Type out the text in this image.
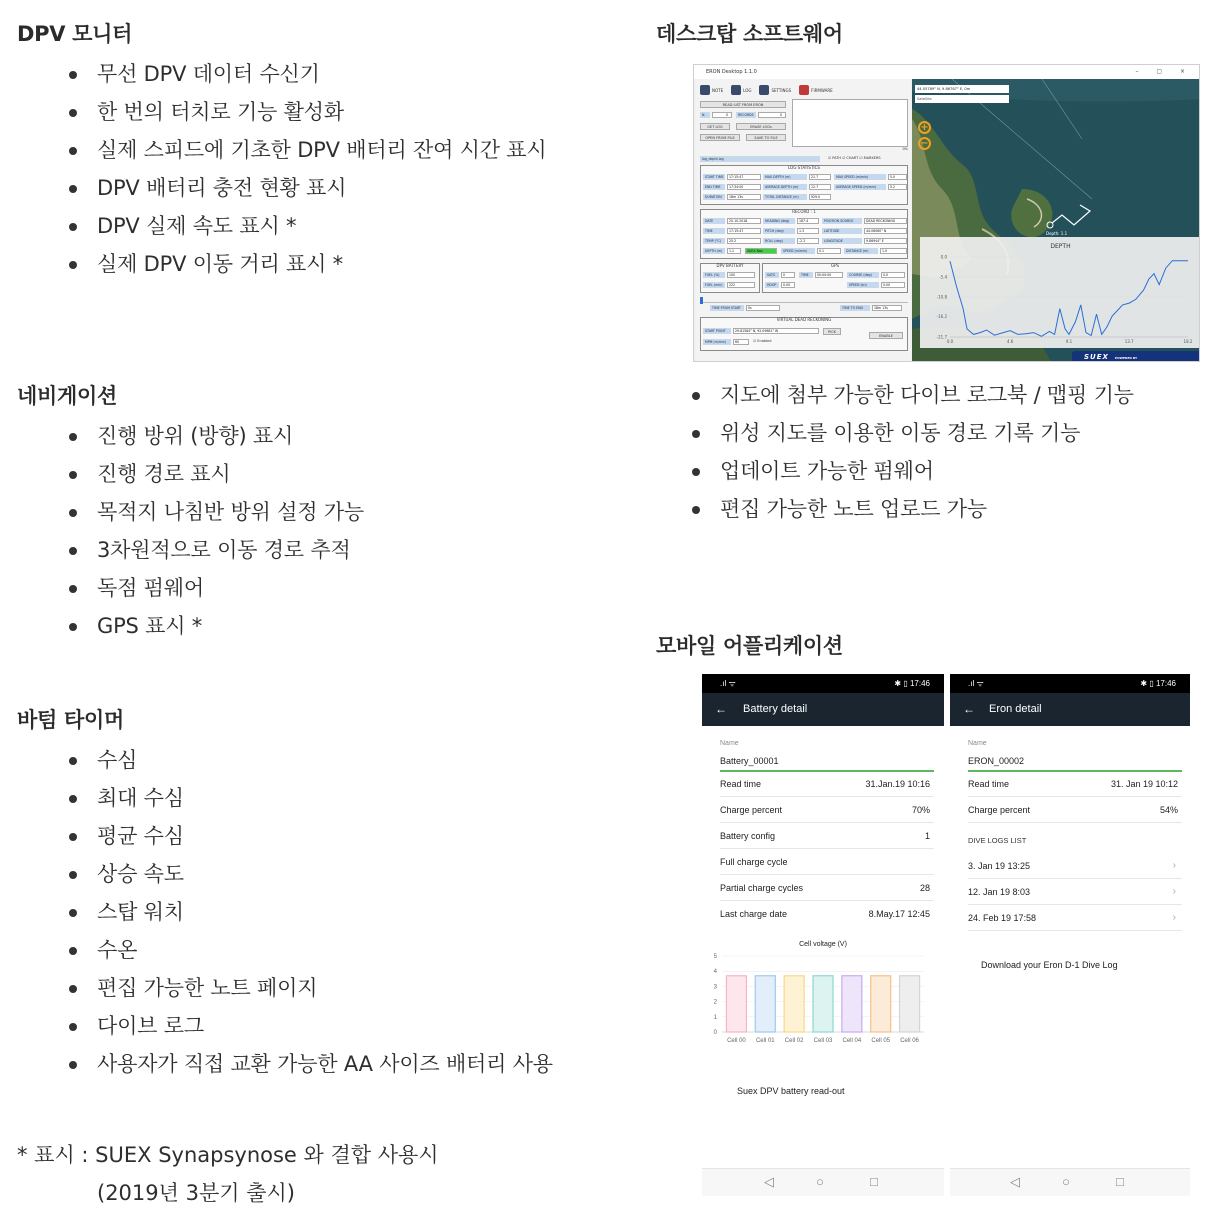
DPV 모니터
무선 DPV 데이터 수신기
한 번의 터치로 기능 활성화
실제 스피드에 기초한 DPV 배터리 잔여 시간 표시
DPV 배터리 충전 현황 표시
DPV 실제 속도 표시 *
실제 DPV 이동 거리 표시 *
네비게이션
진행 방위 (방향) 표시
진행 경로 표시
목적지 나침반 방위 설정 가능
3차원적으로 이동 경로 추적
독점 펌웨어
GPS 표시 *
바텀 타이머
수심
최대 수심
평균 수심
상승 속도
스탑 워치
수온
편집 가능한 노트 페이지
다이브 로그
사용자가 직접 교환 가능한 AA 사이즈 배터리 사용
* 표시 : SUEX Synapsynose 와 결합 사용시
(2019년 3분기 출시)
데스크탑 소프트웨어
ERON Desktop 1.1.0	– ▢ ×
NOTE	LOG	SETTINGS	FIRMWARE
READ LIST FROM ERON
N.	0	RECORDS	0
GET LOG	ERASE LOGs
OPEN FROM FILE	SAVE TO FILE
0%
log_depth.log	☑ PATH ☑ CHART ☑ MARKERS
LOG STATISTICS
START TIME	17:15:47	MAX DEPTH (m)	21.7	MAX SPEED (m/min)	5.0
END TIME	17:34:00	AVERAGE DEPTH (m)	12.7	AVERAGE SPEED (m/min)	5.2
DURATION	18m 13s	TOTAL DISTANCE (m)	929.0
RECORD : 1
DATE	25.10.2018	HEADING (deg)	187.4	POSITION SOURCE	DEAD RECKONING
TIME	17:15:47	PITCH (deg)	1.3	LATITUDE	44.06060° N
TEMP (°C)	25.2	ROLL (deg)	-2.2	LONGITUDE	9.86944° E
DEPTH (m)	1.1	SUEX Nav	SPEED (m/min)	0.1	DISTANCE (m)	1.0
DPV BATTERY
FUEL (%)	100
FUEL (min)	222
GPS
SATS	0	TIME	00:00:00	COURSE (deg)	0.0
HDOP	0.00	SPEED (kn)	0.00
TIME FROM START	0s	TIME TO END	18m 13s
VIRTUAL DEAD RECKONING
START POINT	29.81584° N, 92.09681° W	PICK
MPM (m/min)	60	☑ Enabled
ENABLE
44.05789° N, 9.86787° E, 0m
Satellite
+
−
Depth: 1.1
DEPTH
0.0
-5.4
-10.8
-16.2
-21.7
0.0	4.6	9.1	13.7	18.2
SUEX POWERED BY
지도에 첨부 가능한 다이브 로그북 / 맵핑 기능
위성 지도를 이용한 이동 경로 기록 기능
업데이트 가능한 펌웨어
편집 가능한 노트 업로드 가능
모바일 어플리케이션
.ıl ᯤ	✱ ▯ 17:46
← Battery detail
Name
Battery_00001
Read time	31.Jan.19 10:16
Charge percent	70%
Battery config	1
Full charge cycle
Partial charge cycles	28
Last charge date	8.May.17 12:45
Cell voltage (V)
0
1
2
3
4
5
Cell 00 Cell 01 Cell 02 Cell 03 Cell 04 Cell 05 Cell 06
Suex DPV battery read-out
◁	○	□
.ıl ᯤ	✱ ▯ 17:46
← Eron detail
Name
ERON_00002
Read time	31. Jan 19 10:12
Charge percent	54%
DIVE LOGS LIST
3. Jan 19 13:25	›
12. Jan 19 8:03	›
24. Feb 19 17:58	›
Download your Eron D-1 Dive Log
◁	○	□
